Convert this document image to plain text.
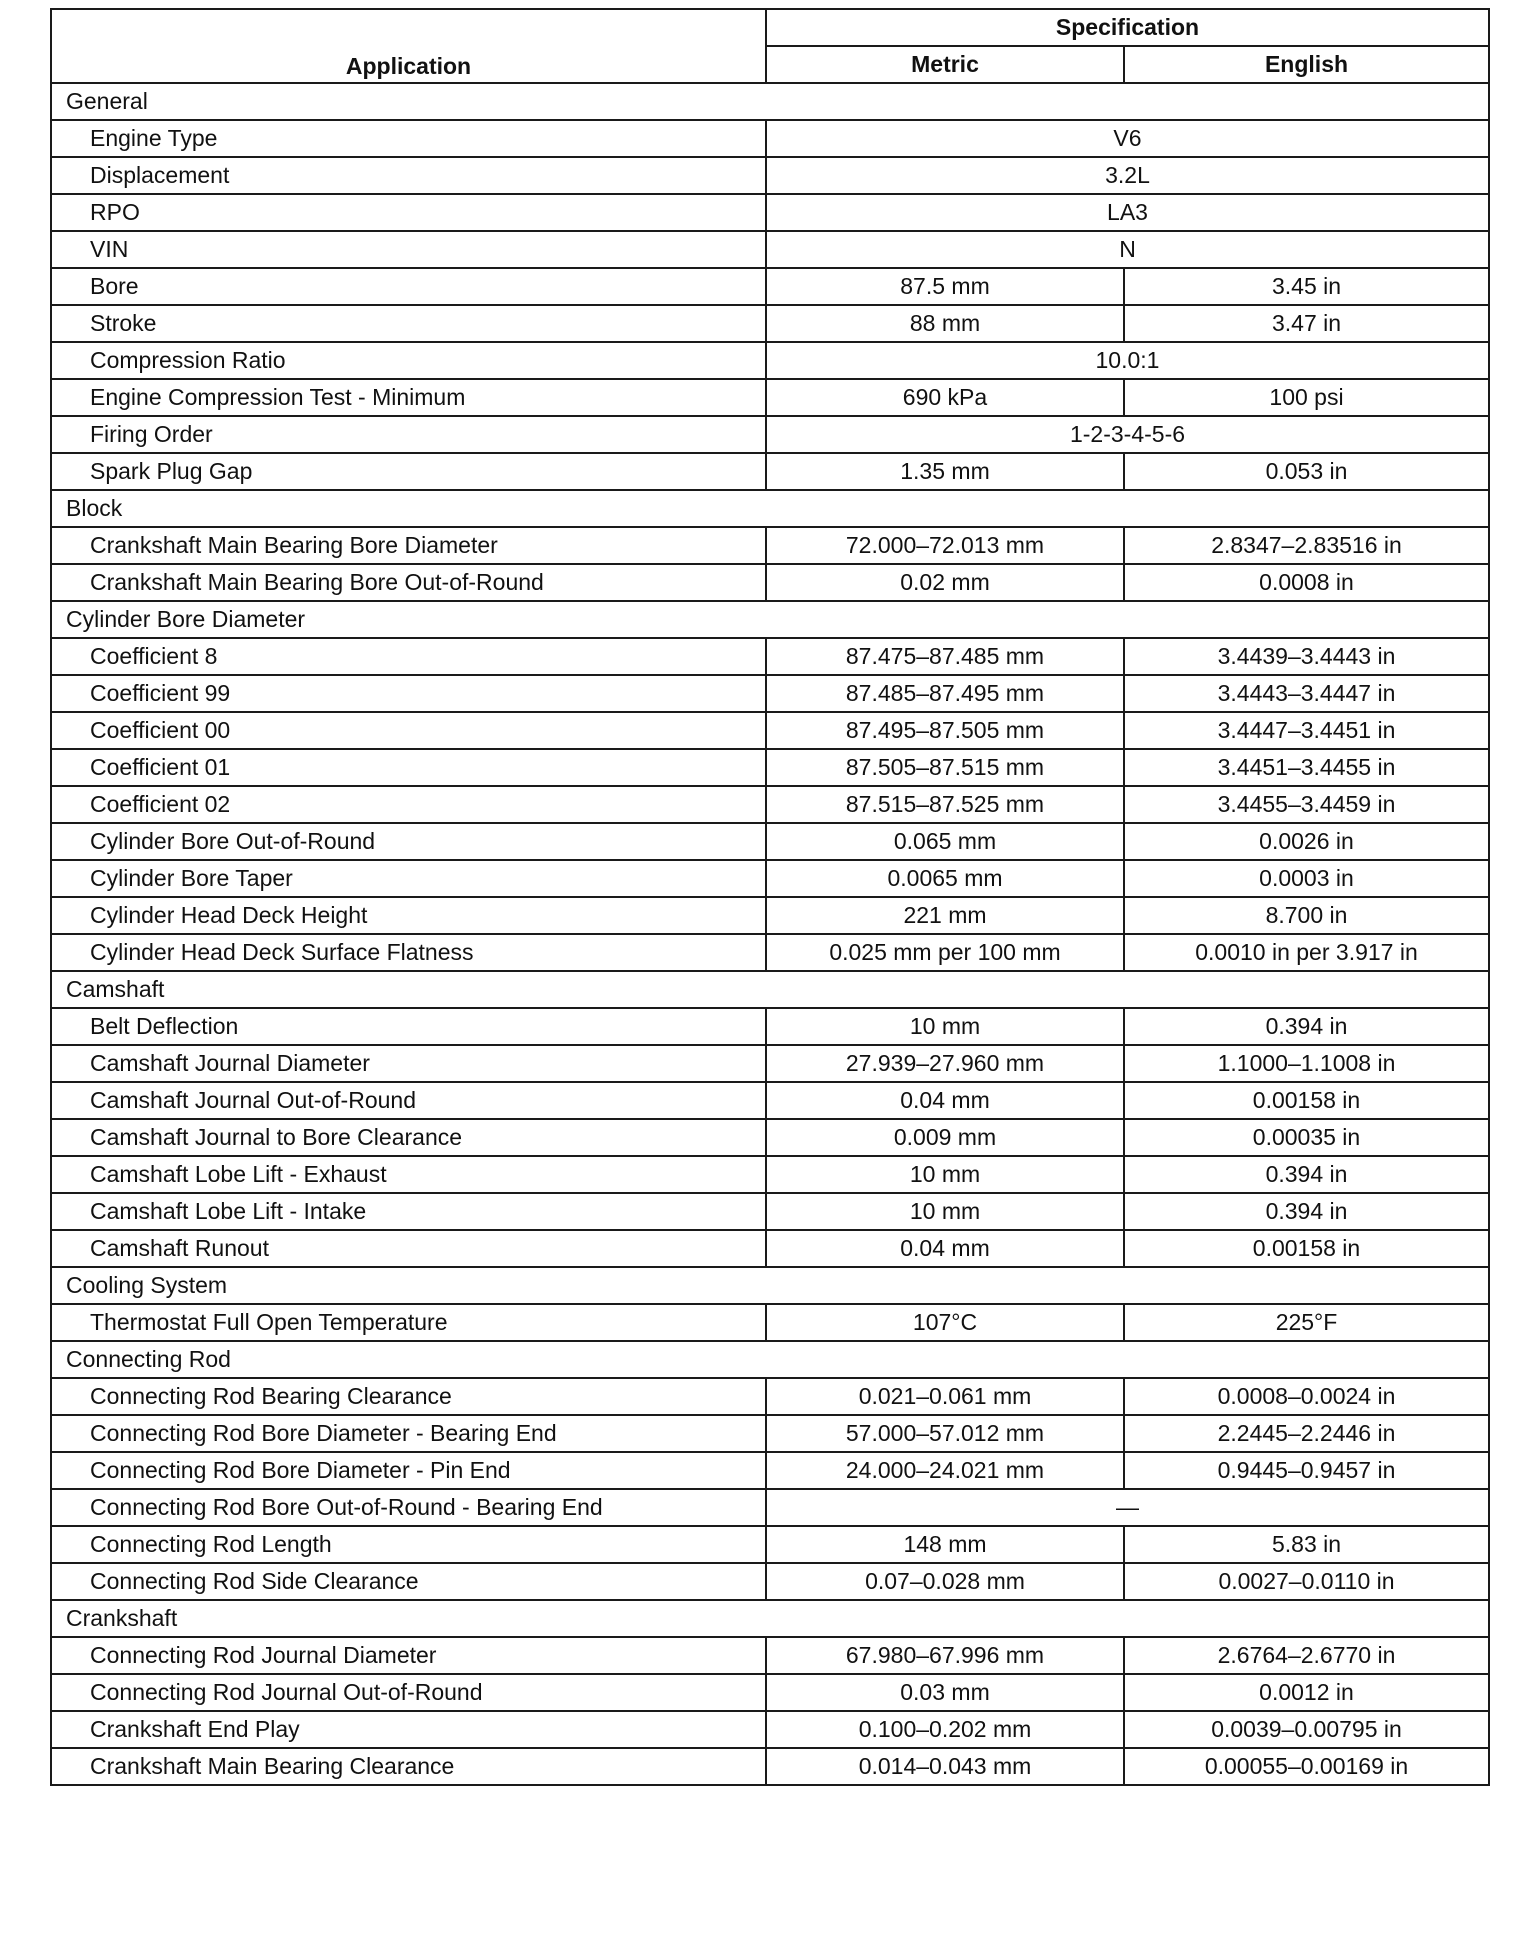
Application	Specification	
	Metric	English
General		
Engine Type	V6	
Displacement	3.2L	
RPO	LA3	
VIN	N	
Bore	87.5 mm	3.45 in
Stroke	88 mm	3.47 in
Compression Ratio	10.0:1	
Engine Compression Test - Minimum	690 kPa	100 psi
Firing Order	1-2-3-4-5-6	
Spark Plug Gap	1.35 mm	0.053 in
Block		
Crankshaft Main Bearing Bore Diameter	72.000–72.013 mm	2.8347–2.83516 in
Crankshaft Main Bearing Bore Out-of-Round	0.02 mm	0.0008 in
Cylinder Bore Diameter		
Coefficient 8	87.475–87.485 mm	3.4439–3.4443 in
Coefficient 99	87.485–87.495 mm	3.4443–3.4447 in
Coefficient 00	87.495–87.505 mm	3.4447–3.4451 in
Coefficient 01	87.505–87.515 mm	3.4451–3.4455 in
Coefficient 02	87.515–87.525 mm	3.4455–3.4459 in
Cylinder Bore Out-of-Round	0.065 mm	0.0026 in
Cylinder Bore Taper	0.0065 mm	0.0003 in
Cylinder Head Deck Height	221 mm	8.700 in
Cylinder Head Deck Surface Flatness	0.025 mm per 100 mm	0.0010 in per 3.917 in
Camshaft		
Belt Deflection	10 mm	0.394 in
Camshaft Journal Diameter	27.939–27.960 mm	1.1000–1.1008 in
Camshaft Journal Out-of-Round	0.04 mm	0.00158 in
Camshaft Journal to Bore Clearance	0.009 mm	0.00035 in
Camshaft Lobe Lift - Exhaust	10 mm	0.394 in
Camshaft Lobe Lift - Intake	10 mm	0.394 in
Camshaft Runout	0.04 mm	0.00158 in
Cooling System		
Thermostat Full Open Temperature	107°C	225°F
Connecting Rod		
Connecting Rod Bearing Clearance	0.021–0.061 mm	0.0008–0.0024 in
Connecting Rod Bore Diameter - Bearing End	57.000–57.012 mm	2.2445–2.2446 in
Connecting Rod Bore Diameter - Pin End	24.000–24.021 mm	0.9445–0.9457 in
Connecting Rod Bore Out-of-Round - Bearing End	—	
Connecting Rod Length	148 mm	5.83 in
Connecting Rod Side Clearance	0.07–0.028 mm	0.0027–0.0110 in
Crankshaft		
Connecting Rod Journal Diameter	67.980–67.996 mm	2.6764–2.6770 in
Connecting Rod Journal Out-of-Round	0.03 mm	0.0012 in
Crankshaft End Play	0.100–0.202 mm	0.0039–0.00795 in
Crankshaft Main Bearing Clearance	0.014–0.043 mm	0.00055–0.00169 in
